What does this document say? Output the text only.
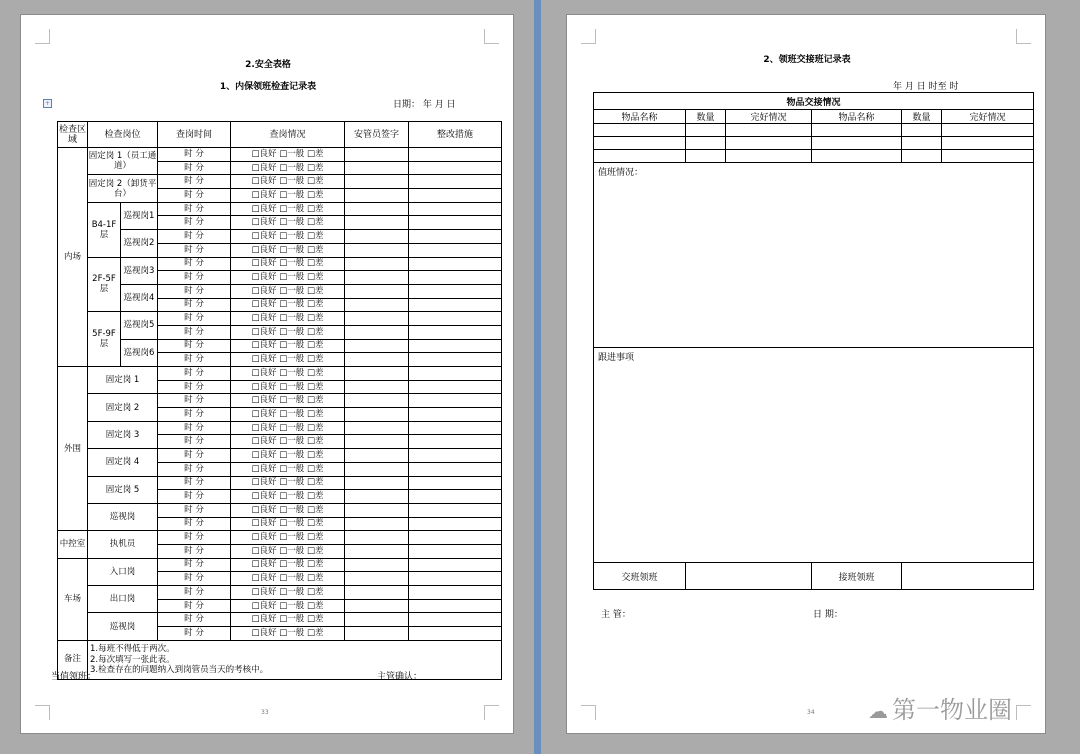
2.安全表格
1、内保领班检查记录表
日期： 年 月 日
+
检查区域	检查岗位		查岗时间	查岗情况	安管员签字	整改措施
内场	固定岗 1（员工通道）		时 分	□良好 □一般 □差		
			时 分	□良好 □一般 □差		
	固定岗 2（卸货平台）		时 分	□良好 □一般 □差		
			时 分	□良好 □一般 □差		
	B4-1F层	巡视岗1	时 分	□良好 □一般 □差		
			时 分	□良好 □一般 □差		
		巡视岗2	时 分	□良好 □一般 □差		
			时 分	□良好 □一般 □差		
	2F-5F层	巡视岗3	时 分	□良好 □一般 □差		
			时 分	□良好 □一般 □差		
		巡视岗4	时 分	□良好 □一般 □差		
			时 分	□良好 □一般 □差		
	5F-9F层	巡视岗5	时 分	□良好 □一般 □差		
			时 分	□良好 □一般 □差		
		巡视岗6	时 分	□良好 □一般 □差		
			时 分	□良好 □一般 □差		
外围	固定岗 1		时 分	□良好 □一般 □差		
			时 分	□良好 □一般 □差		
	固定岗 2		时 分	□良好 □一般 □差		
			时 分	□良好 □一般 □差		
	固定岗 3		时 分	□良好 □一般 □差		
			时 分	□良好 □一般 □差		
	固定岗 4		时 分	□良好 □一般 □差		
			时 分	□良好 □一般 □差		
	固定岗 5		时 分	□良好 □一般 □差		
			时 分	□良好 □一般 □差		
	巡视岗		时 分	□良好 □一般 □差		
			时 分	□良好 □一般 □差		
中控室	执机员		时 分	□良好 □一般 □差		
			时 分	□良好 □一般 □差		
车场	入口岗		时 分	□良好 □一般 □差		
			时 分	□良好 □一般 □差		
	出口岗		时 分	□良好 □一般 □差		
			时 分	□良好 □一般 □差		
	巡视岗		时 分	□良好 □一般 □差		
			时 分	□良好 □一般 □差		
备注	1.每班不得低于两次。
2.每次填写一张此表。
3.检查存在的问题纳入到岗管员当天的考核中。					
当值领班：	主管确认：
33
2、领班交接班记录表
年 月 日 时至 时
物品交接情况					
物品名称	数量	完好情况	物品名称	数量	完好情况

值班情况：					
跟进事项					
交班领班			接班领班		
主 管：	日 期：
34	☁ 第一物业圈
